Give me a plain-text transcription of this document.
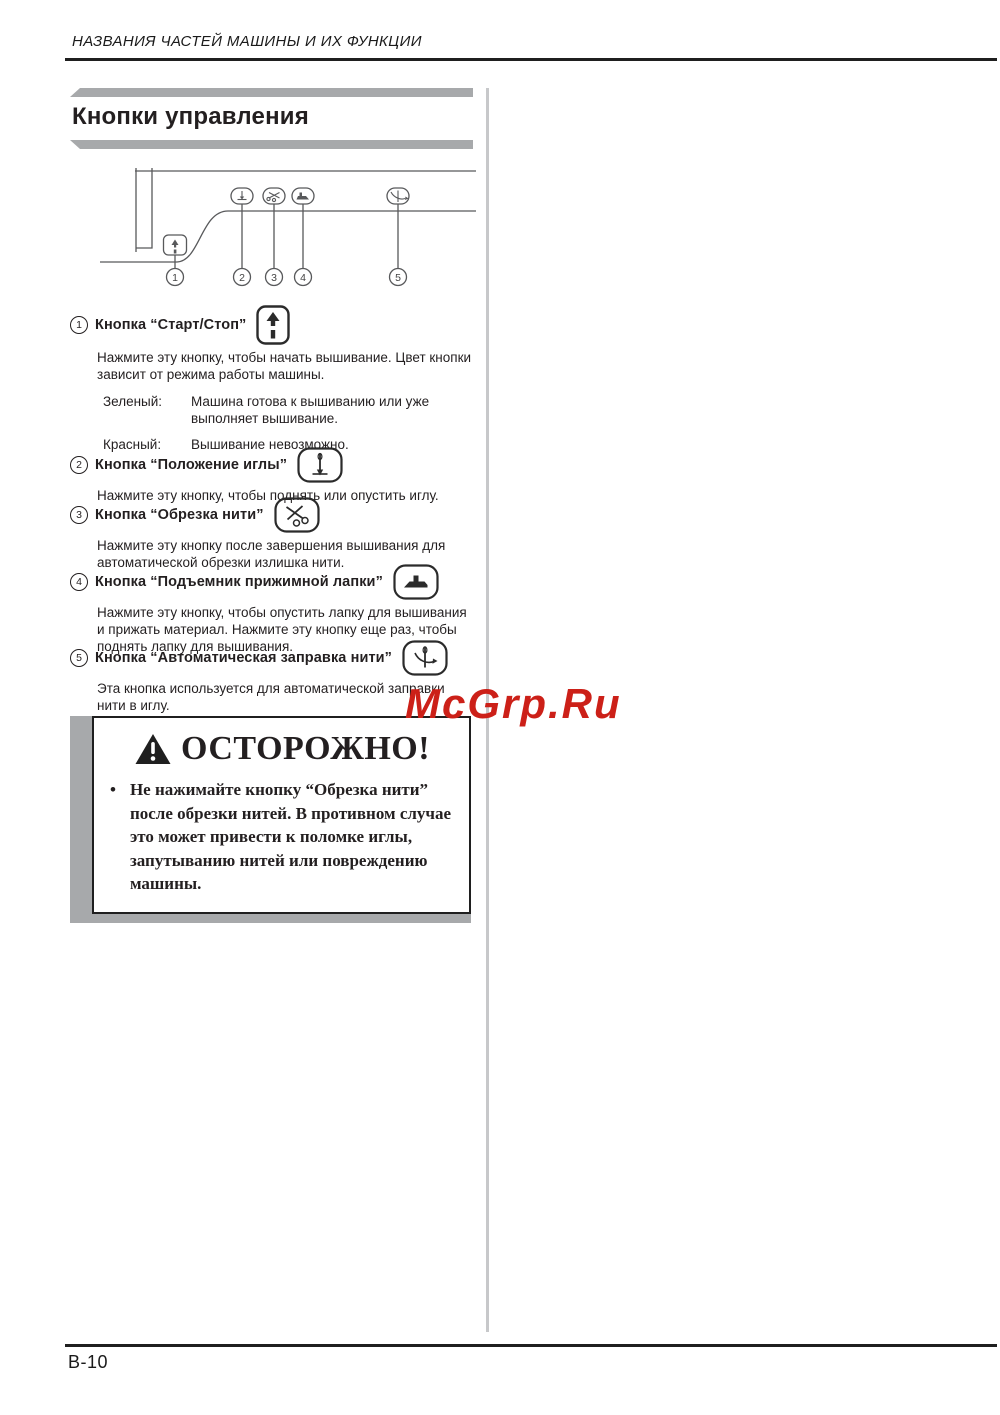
НАЗВАНИЯ ЧАСТЕЙ МАШИНЫ И ИХ ФУНКЦИИ
Кнопки управления
1	2 3 4	5
1 Кнопка “Старт/Стоп”

Нажмите эту кнопку, чтобы начать вышивание. Цвет кнопки зависит от режима работы машины.

Зеленый:	Машина готова к вышиванию или уже выполняет вышивание.
Красный:	Вышивание невозможно.
2 Кнопка “Положение иглы”

Нажмите эту кнопку, чтобы поднять или опустить иглу.

3 Кнопка “Обрезка нити”

Нажмите эту кнопку после завершения вышивания для автоматической обрезки излишка нити.

4 Кнопка “Подъемник прижимной лапки”

Нажмите эту кнопку, чтобы опустить лапку для вышивания и прижать материал. Нажмите эту кнопку еще раз, чтобы поднять лапку для вышивания.

5 Кнопка “Автоматическая заправка нити”

Эта кнопка используется для автоматической заправки нити в иглу.	McGrp.Ru
ОСТОРОЖНО!
• Не нажимайте кнопку “Обрезка нити” после обрезки нитей. В противном случае это может привести к поломке иглы, запутыванию нитей или повреждению машины.
B-10
